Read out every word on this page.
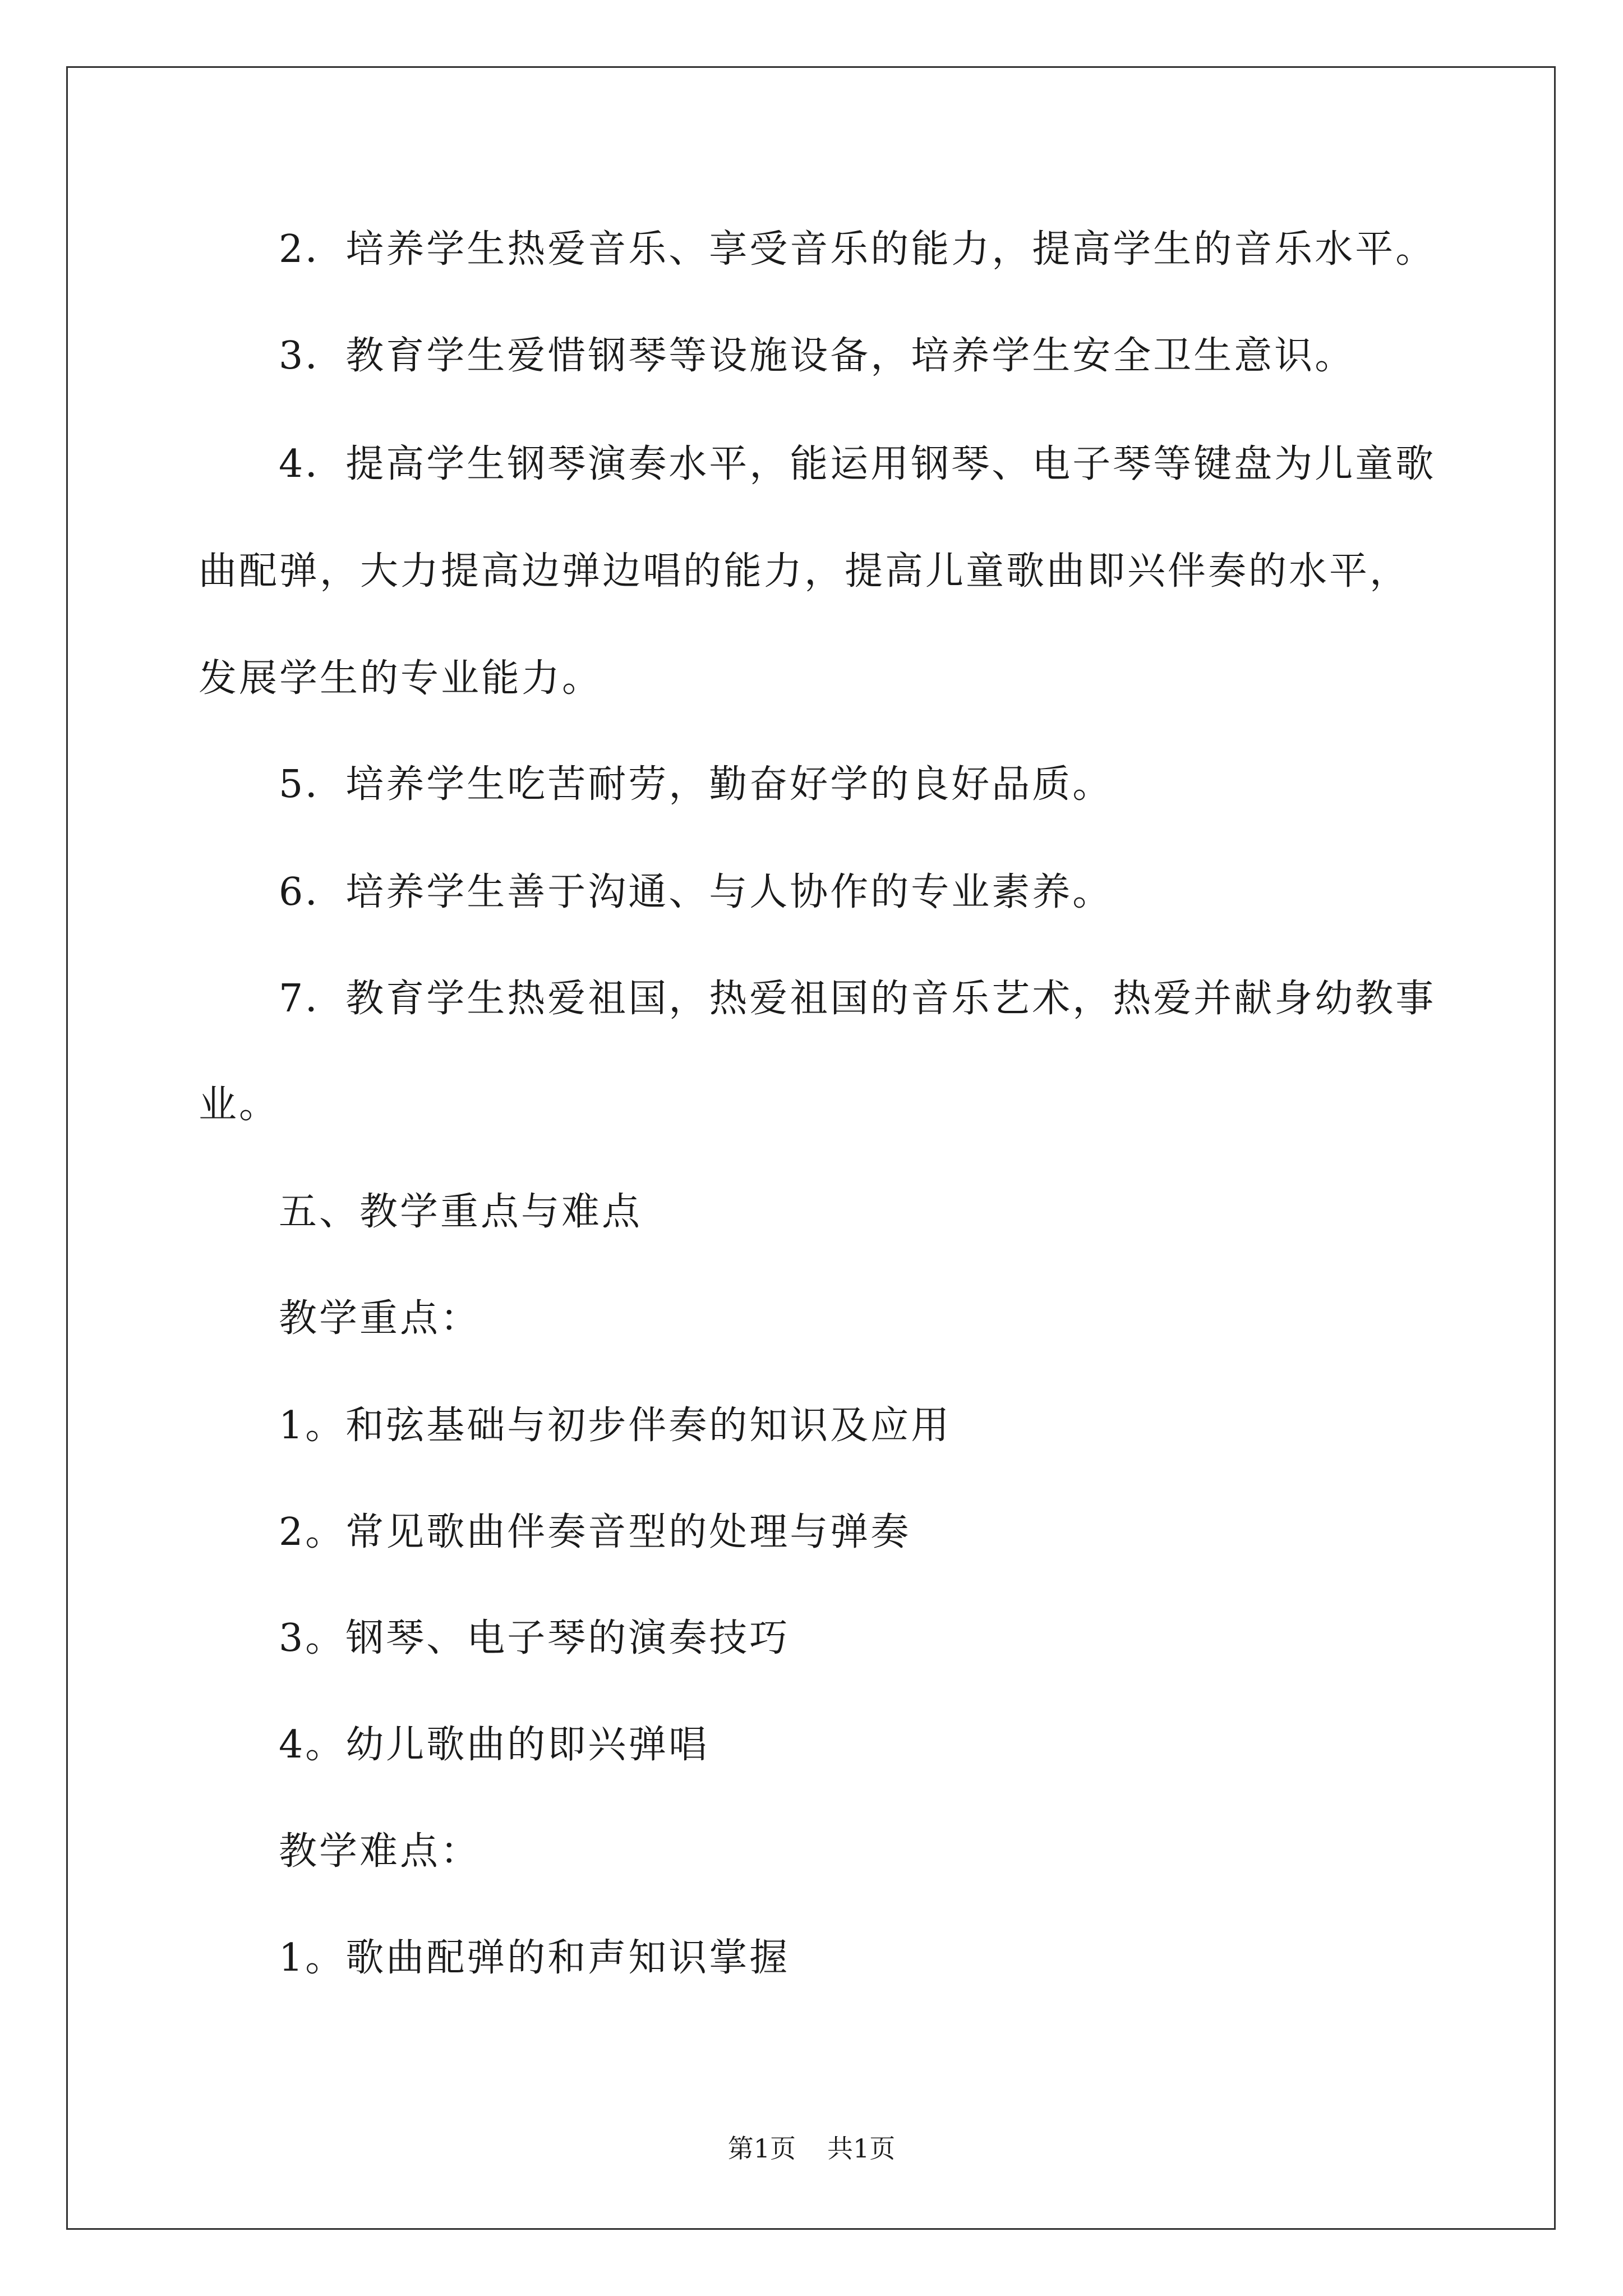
2．培养学生热爱音乐、享受音乐的能力，提高学生的音乐水平。
3．教育学生爱惜钢琴等设施设备，培养学生安全卫生意识。
4．提高学生钢琴演奏水平，能运用钢琴、电子琴等键盘为儿童歌
曲配弹，大力提高边弹边唱的能力，提高儿童歌曲即兴伴奏的水平，
发展学生的专业能力。
5．培养学生吃苦耐劳，勤奋好学的良好品质。
6．培养学生善于沟通、与人协作的专业素养。
7．教育学生热爱祖国，热爱祖国的音乐艺术，热爱并献身幼教事
业。
五、教学重点与难点
教学重点：
1。和弦基础与初步伴奏的知识及应用
2。常见歌曲伴奏音型的处理与弹奏
3。钢琴、电子琴的演奏技巧
4。幼儿歌曲的即兴弹唱
教学难点：
1。歌曲配弹的和声知识掌握
第1页 共1页
